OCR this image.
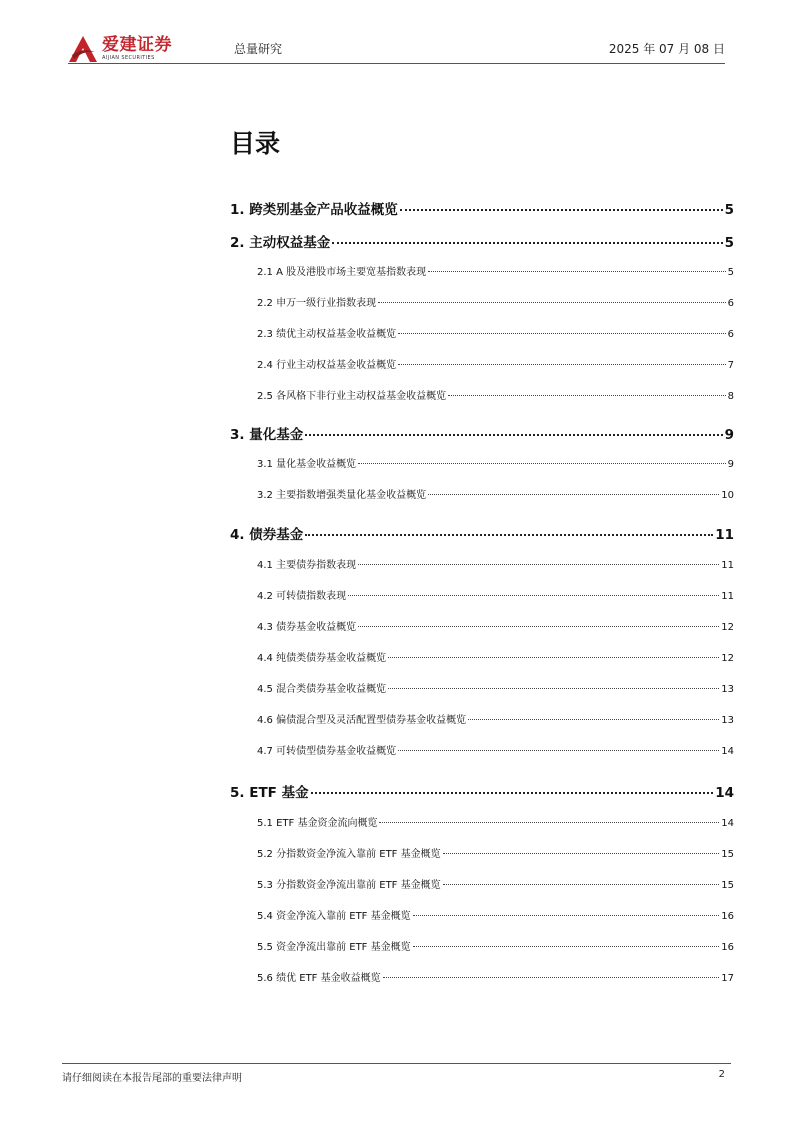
爱建证券
AIJIAN SECURITIES
总量研究	2025 年 07 月 08 日
目录
1. 跨类别基金产品收益概览	5
2. 主动权益基金	5
2.1 A 股及港股市场主要宽基指数表现	5
2.2 申万一级行业指数表现	6
2.3 绩优主动权益基金收益概览	6
2.4 行业主动权益基金收益概览	7
2.5 各风格下非行业主动权益基金收益概览	8
3. 量化基金	9
3.1 量化基金收益概览	9
3.2 主要指数增强类量化基金收益概览	10
4. 债券基金	11
4.1 主要债券指数表现	11
4.2 可转债指数表现	11
4.3 债券基金收益概览	12
4.4 纯债类债券基金收益概览	12
4.5 混合类债券基金收益概览	13
4.6 偏债混合型及灵活配置型债券基金收益概览	13
4.7 可转债型债券基金收益概览	14
5. ETF 基金	14
5.1 ETF 基金资金流向概览	14
5.2 分指数资金净流入靠前 ETF 基金概览	15
5.3 分指数资金净流出靠前 ETF 基金概览	15
5.4 资金净流入靠前 ETF 基金概览	16
5.5 资金净流出靠前 ETF 基金概览	16
5.6 绩优 ETF 基金收益概览	17
请仔细阅读在本报告尾部的重要法律声明	2
